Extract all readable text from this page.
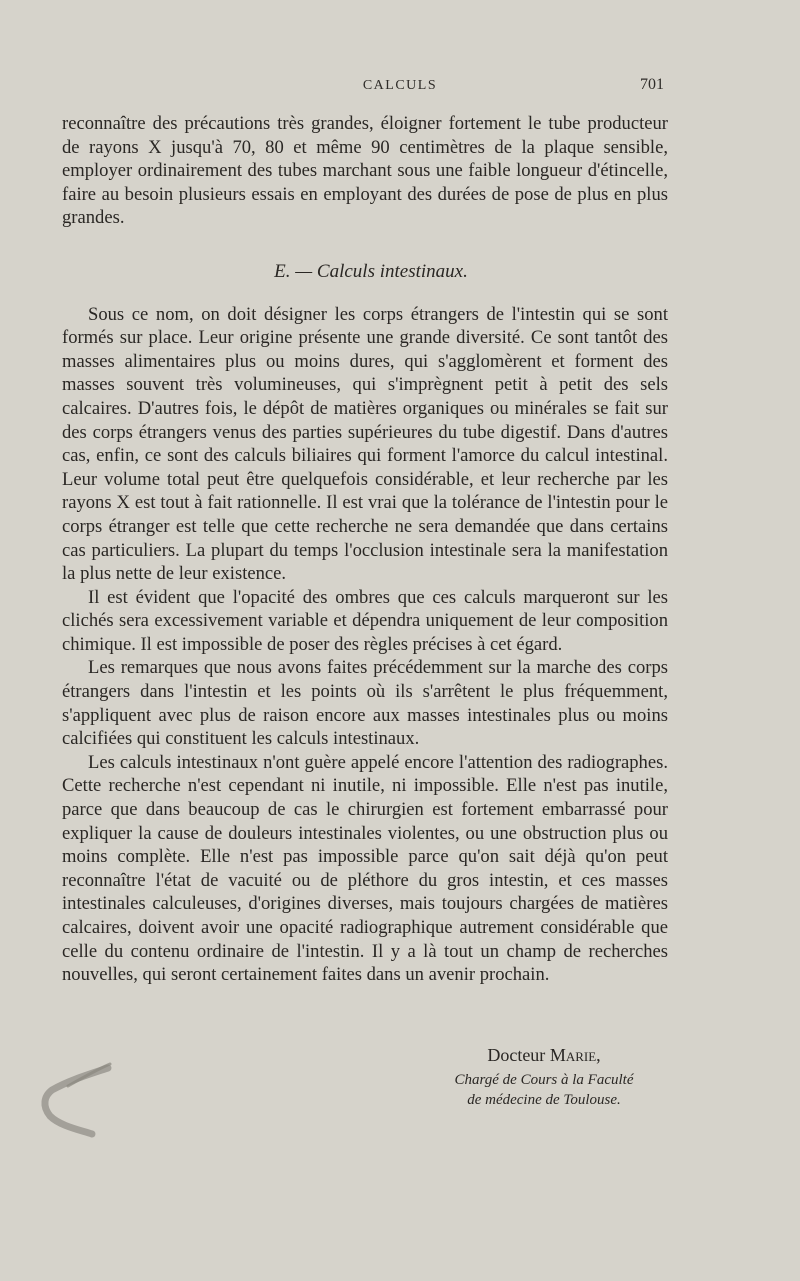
CALCULS	701

reconnaître des précautions très grandes, éloigner fortement le tube producteur de rayons X jusqu'à 70, 80 et même 90 centimètres de la plaque sensible, employer ordinairement des tubes marchant sous une faible longueur d'étincelle, faire au besoin plusieurs essais en employant des durées de pose de plus en plus grandes.

E. — Calculs intestinaux.

Sous ce nom, on doit désigner les corps étrangers de l'intestin qui se sont formés sur place. Leur origine présente une grande diversité. Ce sont tantôt des masses alimentaires plus ou moins dures, qui s'agglomèrent et forment des masses souvent très volumineuses, qui s'imprègnent petit à petit des sels calcaires. D'autres fois, le dépôt de matières organiques ou minérales se fait sur des corps étrangers venus des parties supérieures du tube digestif. Dans d'autres cas, enfin, ce sont des calculs biliaires qui forment l'amorce du calcul intestinal. Leur volume total peut être quelquefois considérable, et leur recherche par les rayons X est tout à fait rationnelle. Il est vrai que la tolérance de l'intestin pour le corps étranger est telle que cette recherche ne sera demandée que dans certains cas particuliers. La plupart du temps l'occlusion intestinale sera la manifestation la plus nette de leur existence.

Il est évident que l'opacité des ombres que ces calculs marqueront sur les clichés sera excessivement variable et dépendra uniquement de leur composition chimique. Il est impossible de poser des règles précises à cet égard.

Les remarques que nous avons faites précédemment sur la marche des corps étrangers dans l'intestin et les points où ils s'arrêtent le plus fréquemment, s'appliquent avec plus de raison encore aux masses intestinales plus ou moins calcifiées qui constituent les calculs intestinaux.

Les calculs intestinaux n'ont guère appelé encore l'attention des radiographes. Cette recherche n'est cependant ni inutile, ni impossible. Elle n'est pas inutile, parce que dans beaucoup de cas le chirurgien est fortement embarrassé pour expliquer la cause de douleurs intestinales violentes, ou une obstruction plus ou moins complète. Elle n'est pas impossible parce qu'on sait déjà qu'on peut reconnaître l'état de vacuité ou de pléthore du gros intestin, et ces masses intestinales calculeuses, d'origines diverses, mais toujours chargées de matières calcaires, doivent avoir une opacité radiographique autrement considérable que celle du contenu ordinaire de l'intestin. Il y a là tout un champ de recherches nouvelles, qui seront certainement faites dans un avenir prochain.

Docteur Marie,
Chargé de Cours à la Faculté
de médecine de Toulouse.
